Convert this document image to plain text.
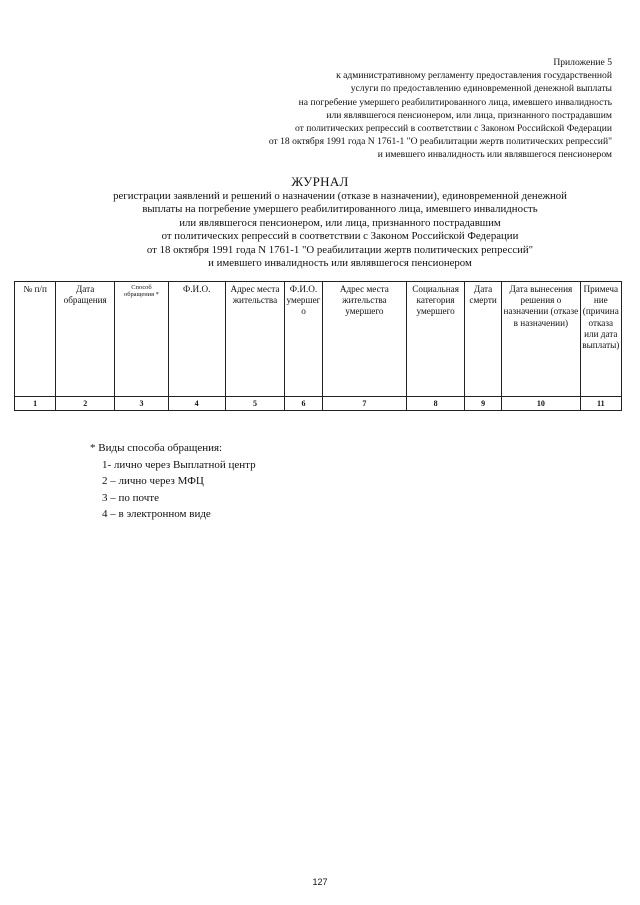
Приложение 5
к административному регламенту предоставления государственной
услуги по предоставлению единовременной денежной выплаты
на погребение умершего реабилитированного лица, имевшего инвалидность
или являвшегося пенсионером, или лица, признанного пострадавшим
от политических репрессий в соответствии с Законом Российской Федерации
от 18 октября 1991 года N 1761-1 "О реабилитации жертв политических репрессий"
и имевшего инвалидность или являвшегося пенсионером
ЖУРНАЛ
регистрации заявлений и решений о назначении (отказе в назначении), единовременной денежной
выплаты на погребение умершего реабилитированного лица, имевшего инвалидность
или являвшегося пенсионером, или лица, признанного пострадавшим
от политических репрессий в соответствии с Законом Российской Федерации
от 18 октября 1991 года N 1761-1 "О реабилитации жертв политических репрессий"
и имевшего инвалидность или являвшегося пенсионером
№ п/п	Дата обращения	Способ обращения *	Ф.И.О.	Адрес места жительства	Ф.И.О. умершего	Адрес места жительства умершего	Социальная категория умершего	Дата смерти	Дата вынесения решения о назначении (отказе в назначении)	Примечание (причина отказа или дата выплаты)
1	2	3	4	5	6	7	8	9	10	11
* Виды способа обращения:
1- лично через Выплатной центр
2 – лично через МФЦ
3 – по почте
4 – в электронном виде
127
